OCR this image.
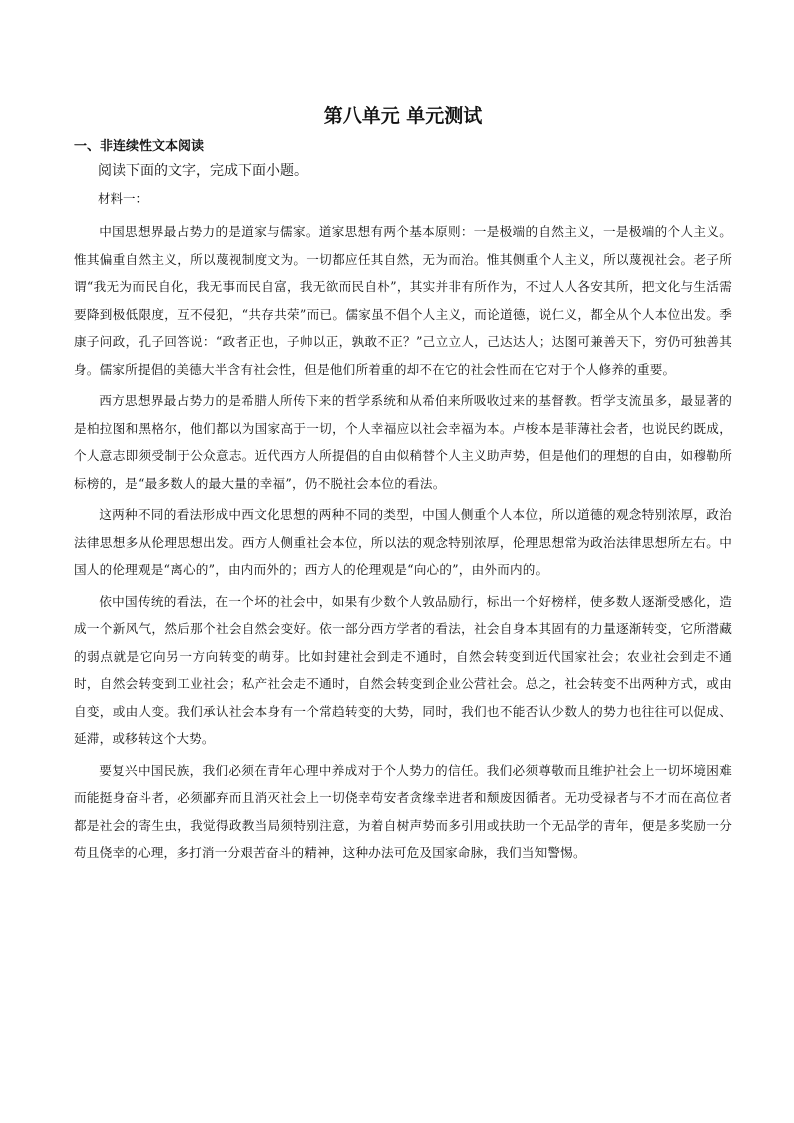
第八单元 单元测试
一、非连续性文本阅读
阅读下面的文字，完成下面小题。
材料一：

中国思想界最占势力的是道家与儒家。道家思想有两个基本原则：一是极端的自然主义，一是极端的个人主义。惟其偏重自然主义，所以蔑视制度文为。一切都应任其自然，无为而治。惟其侧重个人主义，所以蔑视社会。老子所谓“我无为而民自化，我无事而民自富，我无欲而民自朴”，其实并非有所作为，不过人人各安其所，把文化与生活需要降到极低限度，互不侵犯，“共存共荣”而已。儒家虽不倡个人主义，而论道德，说仁义，都全从个人本位出发。季康子问政，孔子回答说：“政者正也，子帅以正，孰敢不正？”己立立人，己达达人；达图可兼善天下，穷仍可独善其身。儒家所提倡的美德大半含有社会性，但是他们所着重的却不在它的社会性而在它对于个人修养的重要。

西方思想界最占势力的是希腊人所传下来的哲学系统和从希伯来所吸收过来的基督教。哲学支流虽多，最显著的是柏拉图和黑格尔，他们都以为国家高于一切，个人幸福应以社会幸福为本。卢梭本是菲薄社会者，也说民约既成，个人意志即须受制于公众意志。近代西方人所提倡的自由似稍替个人主义助声势，但是他们的理想的自由，如穆勒所标榜的，是“最多数人的最大量的幸福”，仍不脱社会本位的看法。

这两种不同的看法形成中西文化思想的两种不同的类型，中国人侧重个人本位，所以道德的观念特别浓厚，政治法律思想多从伦理思想出发。西方人侧重社会本位，所以法的观念特别浓厚，伦理思想常为政治法律思想所左右。中国人的伦理观是“离心的”，由内而外的；西方人的伦理观是“向心的”，由外而内的。

依中国传统的看法，在一个坏的社会中，如果有少数个人敦品励行，标出一个好榜样，使多数人逐渐受感化，造成一个新风气，然后那个社会自然会变好。依一部分西方学者的看法，社会自身本其固有的力量逐渐转变，它所潜藏的弱点就是它向另一方向转变的萌芽。比如封建社会到走不通时，自然会转变到近代国家社会；农业社会到走不通时，自然会转变到工业社会；私产社会走不通时，自然会转变到企业公营社会。总之，社会转变不出两种方式，或由自变，或由人变。我们承认社会本身有一个常趋转变的大势，同时，我们也不能否认少数人的势力也往往可以促成、延滞，或移转这个大势。

要复兴中国民族，我们必须在青年心理中养成对于个人势力的信任。我们必须尊敬而且维护社会上一切坏境困难而能挺身奋斗者，必须鄙弃而且消灭社会上一切侥幸苟安者贪缘幸进者和颓废因循者。无功受禄者与不才而在高位者都是社会的寄生虫，我觉得政教当局须特别注意，为着自树声势而多引用或扶助一个无品学的青年，便是多奖励一分苟且侥幸的心理，多打消一分艰苦奋斗的精神，这种办法可危及国家命脉，我们当知警惕。
